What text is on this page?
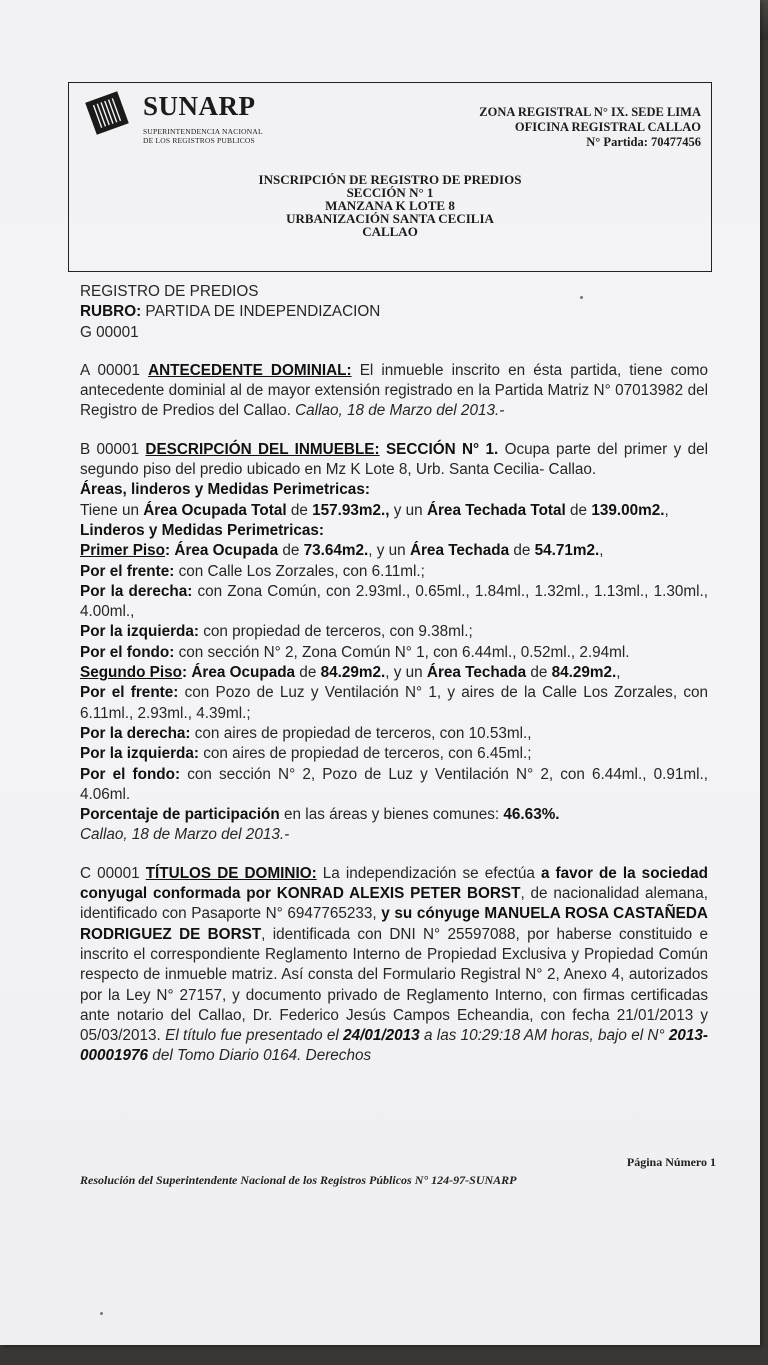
SUNARP
SUPERINTENDENCIA NACIONAL
DE LOS REGISTROS PUBLICOS
ZONA REGISTRAL N° IX. SEDE LIMA
OFICINA REGISTRAL CALLAO
N° Partida: 70477456
INSCRIPCIÓN DE REGISTRO DE PREDIOS
SECCIÓN N° 1
MANZANA K LOTE 8
URBANIZACIÓN SANTA CECILIA
CALLAO

REGISTRO DE PREDIOS

RUBRO: PARTIDA DE INDEPENDIZACION

G 00001

A 00001 ANTECEDENTE DOMINIAL: El inmueble inscrito en ésta partida, tiene como antecedente dominial al de mayor extensión registrado en la Partida Matriz N° 07013982 del Registro de Predios del Callao. Callao, 18 de Marzo del 2013.-

B 00001 DESCRIPCIÓN DEL INMUEBLE: SECCIÓN N° 1. Ocupa parte del primer y del segundo piso del predio ubicado en Mz K Lote 8, Urb. Santa Cecilia- Callao.

Áreas, linderos y Medidas Perimetricas:

Tiene un Área Ocupada Total de 157.93m2., y un Área Techada Total de 139.00m2.,

Linderos y Medidas Perimetricas:

Primer Piso: Área Ocupada de 73.64m2., y un Área Techada de 54.71m2.,

Por el frente: con Calle Los Zorzales, con 6.11ml.;

Por la derecha: con Zona Común, con 2.93ml., 0.65ml., 1.84ml., 1.32ml., 1.13ml., 1.30ml., 4.00ml.,

Por la izquierda: con propiedad de terceros, con 9.38ml.;

Por el fondo: con sección N° 2, Zona Común N° 1, con 6.44ml., 0.52ml., 2.94ml.

Segundo Piso: Área Ocupada de 84.29m2., y un Área Techada de 84.29m2.,

Por el frente: con Pozo de Luz y Ventilación N° 1, y aires de la Calle Los Zorzales, con 6.11ml., 2.93ml., 4.39ml.;

Por la derecha: con aires de propiedad de terceros, con 10.53ml.,

Por la izquierda: con aires de propiedad de terceros, con 6.45ml.;

Por el fondo: con sección N° 2, Pozo de Luz y Ventilación N° 2, con 6.44ml., 0.91ml., 4.06ml.

Porcentaje de participación en las áreas y bienes comunes: 46.63%.

Callao, 18 de Marzo del 2013.-

C 00001 TÍTULOS DE DOMINIO: La independización se efectúa a favor de la sociedad conyugal conformada por KONRAD ALEXIS PETER BORST, de nacionalidad alemana, identificado con Pasaporte N° 6947765233, y su cónyuge MANUELA ROSA CASTAÑEDA RODRIGUEZ DE BORST, identificada con DNI N° 25597088, por haberse constituido e inscrito el correspondiente Reglamento Interno de Propiedad Exclusiva y Propiedad Común respecto de inmueble matriz. Así consta del Formulario Registral N° 2, Anexo 4, autorizados por la Ley N° 27157, y documento privado de Reglamento Interno, con firmas certificadas ante notario del Callao, Dr. Federico Jesús Campos Echeandia, con fecha 21/01/2013 y 05/03/2013. El título fue presentado el 24/01/2013 a las 10:29:18 AM horas, bajo el N° 2013-00001976 del Tomo Diario 0164. Derechos

Página Número 1
Resolución del Superintendente Nacional de los Registros Públicos N° 124-97-SUNARP
